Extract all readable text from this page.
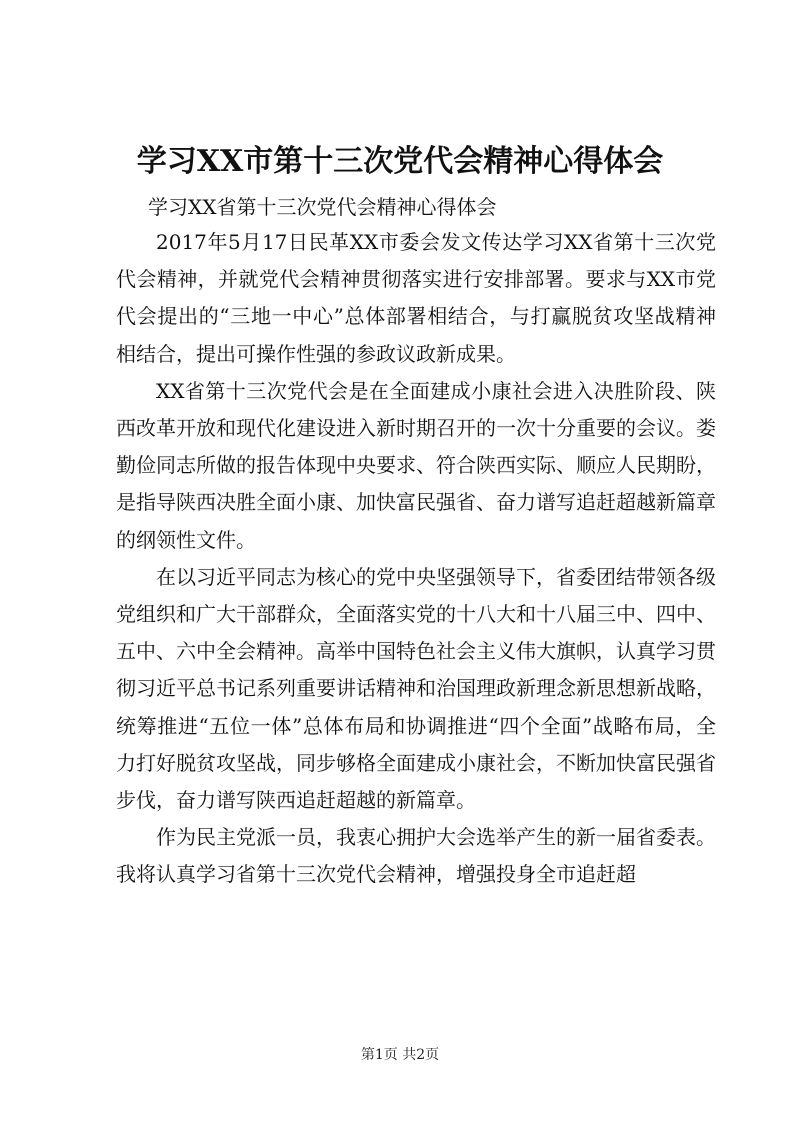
学习XX市第十三次党代会精神心得体会

学习XX省第十三次党代会精神心得体会

2017年5月17日民革XX市委会发文传达学习XX省第十三次党代会精神，并就党代会精神贯彻落实进行安排部署。要求与XX市党代会提出的“三地一中心”总体部署相结合，与打赢脱贫攻坚战精神相结合，提出可操作性强的参政议政新成果。

XX省第十三次党代会是在全面建成小康社会进入决胜阶段、陕西改革开放和现代化建设进入新时期召开的一次十分重要的会议。娄勤俭同志所做的报告体现中央要求、符合陕西实际、顺应人民期盼，是指导陕西决胜全面小康、加快富民强省、奋力谱写追赶超越新篇章的纲领性文件。

在以习近平同志为核心的党中央坚强领导下，省委团结带领各级党组织和广大干部群众，全面落实党的十八大和十八届三中、四中、五中、六中全会精神。高举中国特色社会主义伟大旗帜，认真学习贯彻习近平总书记系列重要讲话精神和治国理政新理念新思想新战略，统筹推进“五位一体”总体布局和协调推进“四个全面”战略布局，全力打好脱贫攻坚战，同步够格全面建成小康社会，不断加快富民强省步伐，奋力谱写陕西追赶超越的新篇章。

作为民主党派一员，我衷心拥护大会选举产生的新一届省委表。我将认真学习省第十三次党代会精神，增强投身全市追赶超

第1页 共2页
